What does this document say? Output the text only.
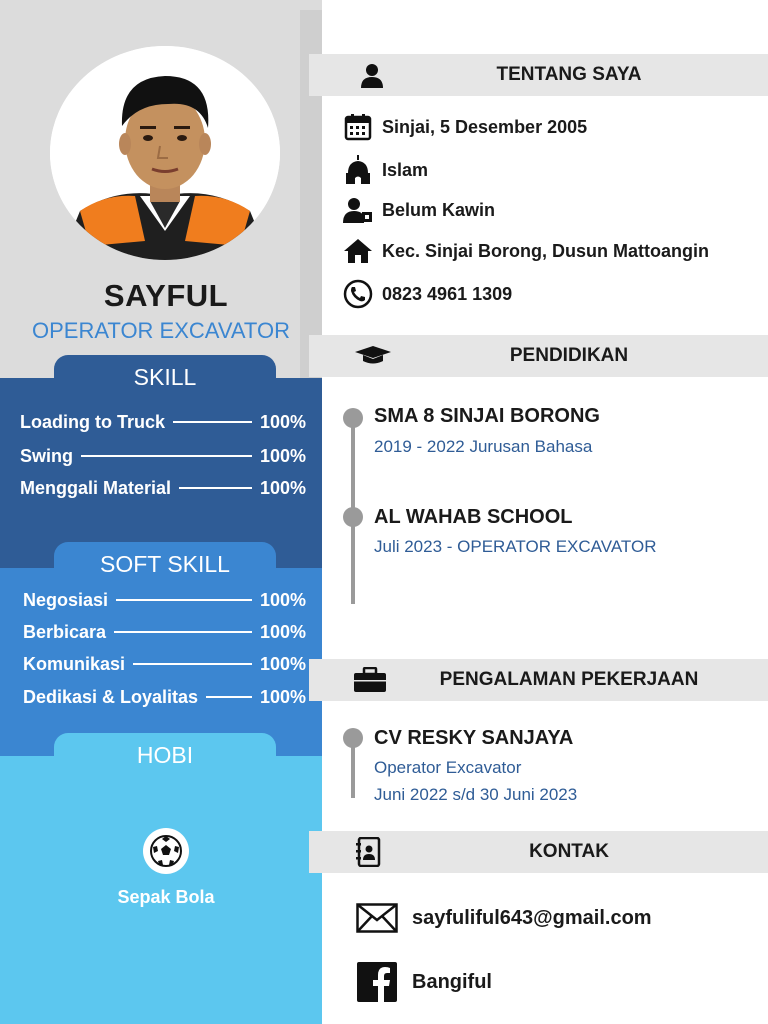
SAYFUL
OPERATOR EXCAVATOR
SKILL
Loading to Truck	100%
Swing	100%
Menggali Material	100%
SOFT SKILL
Negosiasi	100%
Berbicara	100%
Komunikasi	100%
Dedikasi & Loyalitas	100%
HOBI
Sepak Bola
TENTANG SAYA
Sinjai, 5 Desember 2005
Islam
Belum Kawin
Kec. Sinjai Borong, Dusun Mattoangin
0823 4961 1309
PENDIDIKAN
SMA 8 SINJAI BORONG
2019 - 2022 Jurusan Bahasa
AL WAHAB SCHOOL
Juli 2023 - OPERATOR EXCAVATOR
PENGALAMAN PEKERJAAN
CV RESKY SANJAYA
Operator Excavator
Juni 2022 s/d 30 Juni 2023
KONTAK
sayfuliful643@gmail.com
Bangiful
